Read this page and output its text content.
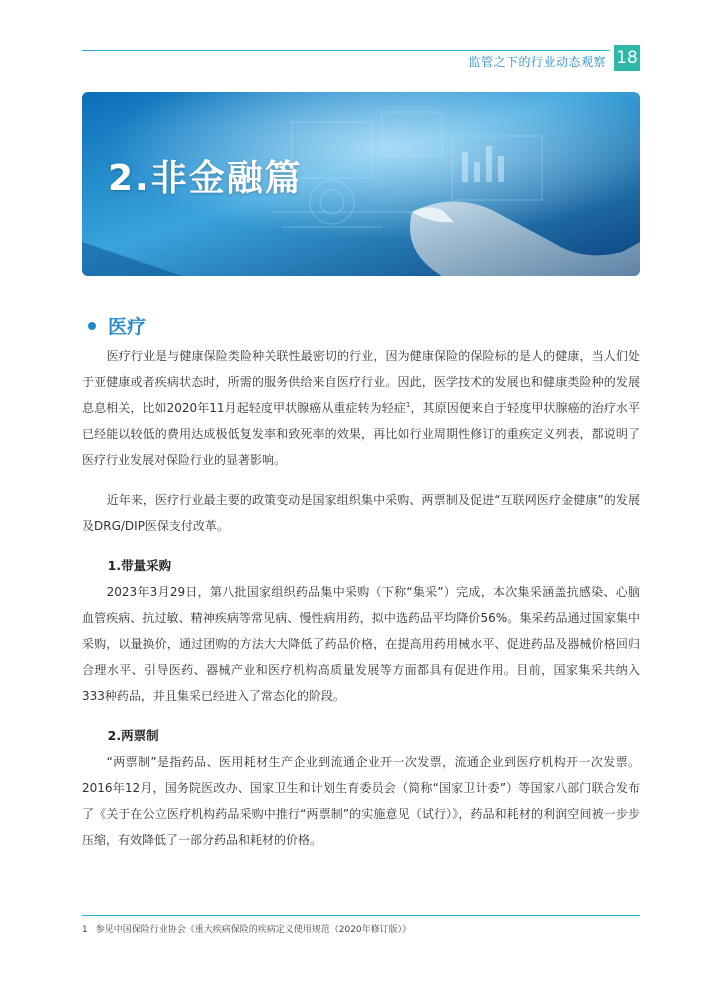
监管之下的行业动态观察 18
2.非金融篇
医疗

医疗行业是与健康保险类险种关联性最密切的行业，因为健康保险的保险标的是人的健康，当人们处于亚健康或者疾病状态时，所需的服务供给来自医疗行业。因此，医学技术的发展也和健康类险种的发展息息相关，比如2020年11月起轻度甲状腺癌从重症转为轻症$^1$，其原因便来自于轻度甲状腺癌的治疗水平已经能以较低的费用达成极低复发率和致死率的效果，再比如行业周期性修订的重疾定义列表，都说明了医疗行业发展对保险行业的显著影响。

近年来，医疗行业最主要的政策变动是国家组织集中采购、两票制及促进“互联网医疗金健康”的发展及DRG/DIP医保支付改革。

1.带量采购

2023年3月29日，第八批国家组织药品集中采购（下称“集采”）完成，本次集采涵盖抗感染、心脑血管疾病、抗过敏、精神疾病等常见病、慢性病用药，拟中选药品平均降价56%。集采药品通过国家集中采购，以量换价，通过团购的方法大大降低了药品价格，在提高用药用械水平、促进药品及器械价格回归合理水平、引导医药、器械产业和医疗机构高质量发展等方面都具有促进作用。目前，国家集采共纳入333种药品，并且集采已经进入了常态化的阶段。

2.两票制

“两票制”是指药品、医用耗材生产企业到流通企业开一次发票，流通企业到医疗机构开一次发票。2016年12月，国务院医改办、国家卫生和计划生育委员会（简称“国家卫计委”）等国家八部门联合发布了《关于在公立医疗机构药品采购中推行“两票制”的实施意见（试行）》，药品和耗材的利润空间被一步步压缩，有效降低了一部分药品和耗材的价格。

1 参见中国保险行业协会《重大疾病保险的疾病定义使用规范（2020年修订版）》
